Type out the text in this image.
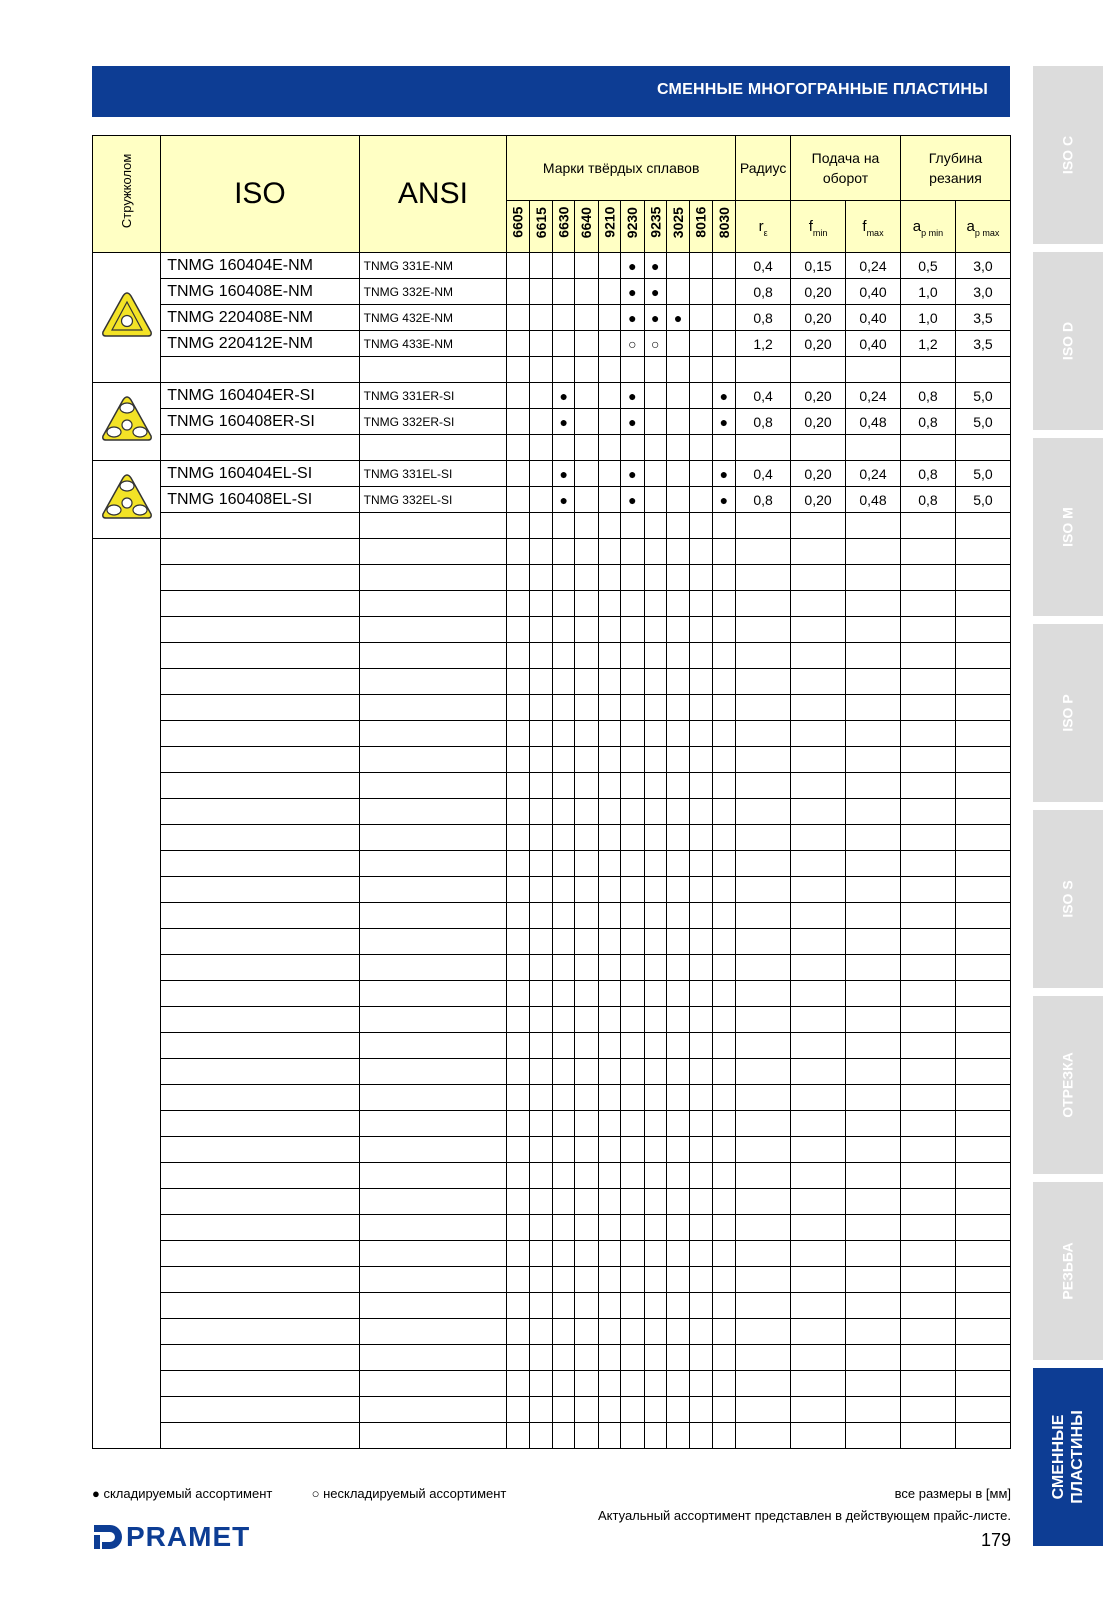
СМЕННЫЕ МНОГОГРАННЫЕ ПЛАСТИНЫ
ISO C
ISO D
ISO M
ISO P
ISO S
ОТРЕЗКА
РЕЗЬБА
СМЕННЫЕ ПЛАСТИНЫ
Стружколом	ISO	ANSI	Марки твёрдых сплавов										Радиус	Подача на оборот		Глубина резания	

			6605	6615	6630	6640	9210	9230	9235	3025	8016	8030	$r_\varepsilon$	$f_{min}$	$f_{max}$	$a_{p min}$	$a_{p max}$

	TNMG 160404E-NM	TNMG 331E-NM						●	●				0,4	0,15	0,24	0,5	3,0
	TNMG 160408E-NM	TNMG 332E-NM						●	●				0,8	0,20	0,40	1,0	3,0
	TNMG 220408E-NM	TNMG 432E-NM						●	●	●			0,8	0,20	0,40	1,0	3,5
	TNMG 220412E-NM	TNMG 433E-NM						○	○				1,2	0,20	0,40	1,2	3,5

	TNMG 160404ER-SI	TNMG 331ER-SI			●			●				●	0,4	0,20	0,24	0,8	5,0
	TNMG 160408ER-SI	TNMG 332ER-SI			●			●				●	0,8	0,20	0,48	0,8	5,0

	TNMG 160404EL-SI	TNMG 331EL-SI			●			●				●	0,4	0,20	0,24	0,8	5,0
	TNMG 160408EL-SI	TNMG 332EL-SI			●			●				●	0,8	0,20	0,48	0,8	5,0

● складируемый ассортимент	○ нескладируемый ассортимент	все размеры в [мм]
Актуальный ассортимент представлен в действующем прайс-листе.
179
PRAMET
